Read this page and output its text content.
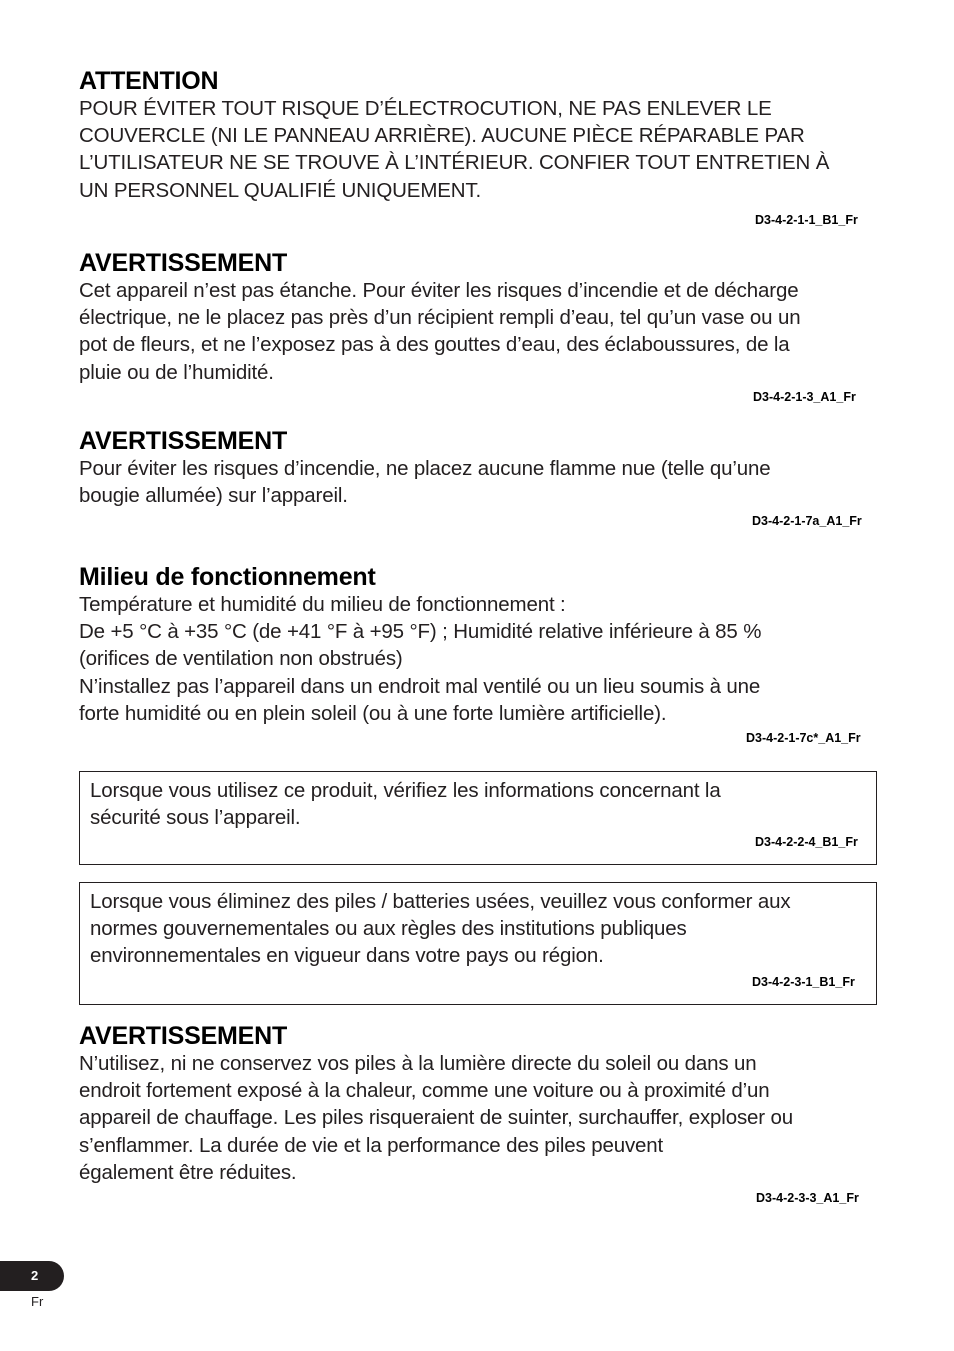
ATTENTION

POUR ÉVITER TOUT RISQUE D’ÉLECTROCUTION, NE PAS ENLEVER LE
COUVERCLE (NI LE PANNEAU ARRIÈRE). AUCUNE PIÈCE RÉPARABLE PAR
L’UTILISATEUR NE SE TROUVE À L’INTÉRIEUR. CONFIER TOUT ENTRETIEN À
UN PERSONNEL QUALIFIÉ UNIQUEMENT.

D3-4-2-1-1_B1_Fr
AVERTISSEMENT

Cet appareil n’est pas étanche. Pour éviter les risques d’incendie et de décharge
électrique, ne le placez pas près d’un récipient rempli d’eau, tel qu’un vase ou un
pot de fleurs, et ne l’exposez pas à des gouttes d’eau, des éclaboussures, de la
pluie ou de l’humidité.

D3-4-2-1-3_A1_Fr
AVERTISSEMENT

Pour éviter les risques d’incendie, ne placez aucune flamme nue (telle qu’une
bougie allumée) sur l’appareil.

D3-4-2-1-7a_A1_Fr
Milieu de fonctionnement

Température et humidité du milieu de fonctionnement :
De +5 °C à +35 °C (de +41 °F à +95 °F) ; Humidité relative inférieure à 85 %
(orifices de ventilation non obstrués)
N’installez pas l’appareil dans un endroit mal ventilé ou un lieu soumis à une
forte humidité ou en plein soleil (ou à une forte lumière artificielle).

D3-4-2-1-7c*_A1_Fr

Lorsque vous utilisez ce produit, vérifiez les informations concernant la
sécurité sous l’appareil.

D3-4-2-2-4_B1_Fr

Lorsque vous éliminez des piles / batteries usées, veuillez vous conformer aux
normes gouvernementales ou aux règles des institutions publiques
environnementales en vigueur dans votre pays ou région.

D3-4-2-3-1_B1_Fr
AVERTISSEMENT

N’utilisez, ni ne conservez vos piles à la lumière directe du soleil ou dans un
endroit fortement exposé à la chaleur, comme une voiture ou à proximité d’un
appareil de chauffage. Les piles risqueraient de suinter, surchauffer, exploser ou
s’enflammer. La durée de vie et la performance des piles peuvent
également être réduites.

D3-4-2-3-3_A1_Fr
2
Fr
